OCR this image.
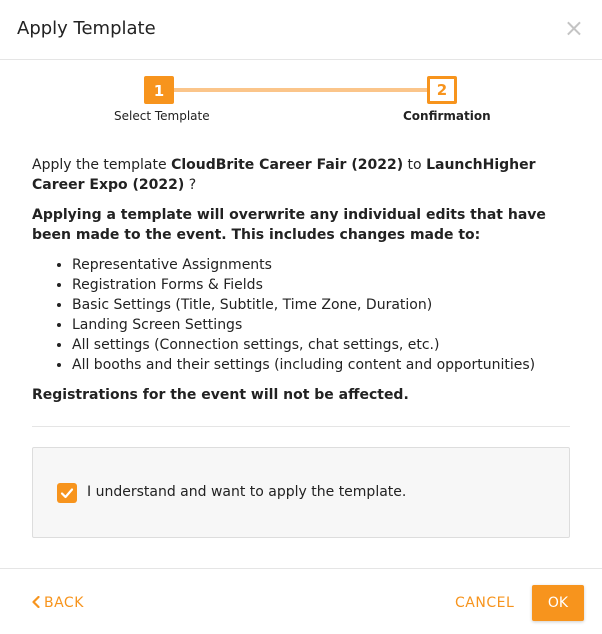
Apply Template	×
1	2
Select Template	Confirmation

Apply the template CloudBrite Career Fair (2022) to LaunchHigher Career Expo (2022) ?

Applying a template will overwrite any individual edits that have been made to the event. This includes changes made to:

• Representative Assignments
• Registration Forms & Fields
• Basic Settings (Title, Subtitle, Time Zone, Duration)
• Landing Screen Settings
• All settings (Connection settings, chat settings, etc.)
• All booths and their settings (including content and opportunities)

Registrations for the event will not be affected.

I understand and want to apply the template.
BACK	CANCEL	OK
